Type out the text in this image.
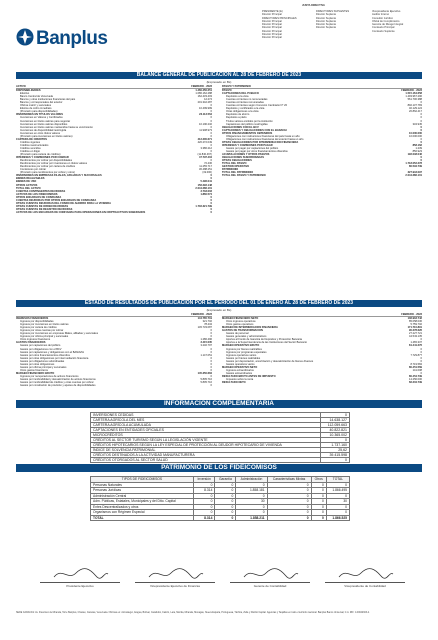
Banplus
JUNTA DIRECTIVA
PRESIDENTE (E)
Director Principal
DIRECTORES PRINCIPALES
Director Principal
Director Principal
Director Principal
Director Principal
Director Principal
Director Principal
DIRECTORES SUPLENTES
Director Suplente
Director Suplente
Director Suplente
Director Suplente
Director Suplente
Vicepresidente Ejecutivo
Auditor Interno
Consultor Jurídico
Oficial de Cumplimiento
Gerente de Riesgo Integral
Comisario Principal
Comisario Suplente
BALANCE GENERAL DE PUBLICACIÓN AL 28 DE FEBRERO DE 2023
(Expresado en Bs)
ACTIVO	FEBRERO - 2023
DISPONIBILIDADES	1.460.450.251
Efectivo	1.086.162.288
Banco Central de Venezuela	162.433.403
Bancos y otras instituciones financieras del país	12.274
Bancos y corresponsales del exterior	201.342.287
Oficina matriz y sucursales	0
Efectos de cobro inmediato	10.499.999
(Provisión para disponibilidades)	0
INVERSIONES EN TÍTULOS VALORES	23.113.564
Inversiones en Valores y Certificados	0
Inversiones en títulos valores para negociar	0
Inversiones en títulos valores disponibles	10.190.232
Inversiones en títulos valores mantenidos hasta su vencimiento	0
Inversiones de disponibilidad restringida	11.908.973
Inversiones en otros títulos valores	0
(Provisión para inversiones en títulos valores)	0
CARTERA DE CRÉDITOS	412.200.671
Créditos vigentes	420.272.049
Créditos reestructurados	0
Créditos vencidos	3.386.212
Créditos en litigio	0
(Provisión para cartera de créditos)	(11.840.467)
INTERESES Y COMISIONES POR COBRAR	47.797.404
Rendimientos por cobrar por disponibilidades	0
Rendimientos por cobrar por inversiones en títulos valores	72.436
Rendimientos por cobrar por cartera de créditos	11.255.717
Comisiones por cobrar	36.488.251
(Provisión para rendimientos por cobrar y otros)	(19.000)
INVERSIONES EN EMPRESAS FILIALES, AFILIADAS Y SUCURSALES	0
BIENES REALIZABLES	0
BIENES DE USO	5.496.041
OTROS ACTIVOS	156.292.148
TOTAL DEL ACTIVO	2.044.286.101
CUENTAS CONTINGENTES DEUDORAS	3.733.003
ACTIVOS DE LOS FIDEICOMISOS	1.860.574
OTROS ENCARGOS DE CONFIANZA	0
CUENTAS DEUDORAS POR OTROS ENCARGOS DE CONFIANZA	0
OTRAS CUENTAS DEUDORAS DEL FONDO DE AHORRO PARA LA VIVIENDA	0
OTRAS CUENTAS DE ORDEN DEUDORAS	1.702.321.799
OTRAS CUENTAS DE REGISTRO DEUDORAS	0
ACTIVOS DE LOS ENCARGOS DE CONFIANZA PARA OPERACIONES EN CRIPTOACTIVOS SOBERANOS	0
PASIVO Y PATRIMONIO
PASIVO	FEBRERO - 2023
CAPTACIONES DEL PÚBLICO	1.515.164.658
Depósitos a la vista	1.493.967.296
Cuentas corrientes no remuneradas	561.700.388
Cuentas corrientes remuneradas	0
Cuentas corrientes según Convenio Cambiario N° 20	892.137.783
Depósitos y certificados a la vista	40.129.124
Otras obligaciones a la vista	20.862.417
Depósitos de ahorro	0
Depósitos a plazo	0
Títulos valores emitidos por la institución	0
Captaciones del público restringidas	334.945
OBLIGACIONES CON EL BCV	0
CAPTACIONES Y OBLIGACIONES CON EL BANAVIH	0
OTROS FINANCIAMIENTOS OBTENIDOS	10.000.000
Obligaciones con instituciones financieras del país hasta un año	10.000.000
Obligaciones con instituciones financieras del exterior hasta un año	0
OTRAS OBLIGACIONES POR INTERMEDIACIÓN FINANCIERA	0
INTERESES Y COMISIONES POR PAGAR	858.162
Gastos por pagar por captaciones del público	1.239
Gastos por pagar por otros financiamientos obtenidos	856.923
ACUMULACIONES Y OTROS PASIVOS	192.048.046
OBLIGACIONES SUBORDINADAS	0
OTRAS OBLIGACIONES	0
TOTAL DEL PASIVO	1.718.052.278
GESTIÓN OPERATIVA	80.594.739
PATRIMONIO
TOTAL DEL PATRIMONIO	327.943.097
TOTAL DEL PASIVO Y PATRIMONIO	2.044.286.101
ESTADO DE RESULTADOS DE PUBLICACIÓN POR EL PERÍODO DEL 01 DE ENERO AL 28 DE FEBRERO DE 2023
(Expresado en Bs)
FEBRERO - 2023
INGRESOS FINANCIEROS	144.765.719
Ingresos por disponibilidades	321.702
Ingresos por inversiones en títulos valores	78.434
Ingresos por cartera de créditos	145.733.087
Ingresos por otras cuentas por cobrar	0
Ingresos por inversiones en empresas filiales, afiliadas y sucursales	0
Ingresos por oficina principal y sucursales	0
Otros ingresos financieros	1.286.496
GASTOS FINANCIEROS	3.415.035
Gastos por captaciones del público	3.246.797
Gastos por obligaciones con el BCV	0
Gastos por captaciones y obligaciones con el BANAVIH	0
Gastos por otros financiamientos obtenidos	1.147.051
Gastos por otras obligaciones por intermediación financiera	0
Gastos por obligaciones subordinadas	0
Gastos por otras obligaciones	0
Gastos por oficina principal y sucursales	0
Otros gastos financieros	0
MARGEN FINANCIERO BRUTO	145.350.684
Ingresos por recuperaciones de activos financieros	0
Gastos por incobrabilidad y desvalorización de activos financieros	5.805.716
Gastos por incobrabilidad de créditos y otras cuentas por cobrar	5.805.716
Gastos por constitución de provisión y ajustes de disponibilidades	0
FEBRERO - 2023
MARGEN FINANCIERO NETO	136.933.742
Otros ingresos operativos	85.058.036
Otros gastos operativos	5.759.702
MARGEN DE INTERMEDIACIÓN FINANCIERA	171.710.891
GASTOS DE TRANSFORMACIÓN	90.278.626
Gastos de personal	27.227.721
Gastos generales y administrativos	44.543.135
Aportes al Fondo de Garantía de Depósitos y Protección Bancaria	0
Aportes a la Superintendencia de las Instituciones del Sector Bancario	1.465.337
MARGEN OPERATIVO BRUTO	81.441.276
Ingresos por bienes realizables	0
Ingresos por programas especiales	0
Ingresos operativos varios	7.729.877
Gastos por bienes realizables	0
Gastos por depreciación, amortización y desvalorización de bienes diversos	0
Gastos operativos varios	8.719.584
MARGEN OPERATIVO NETO	80.451.569
Ingresos extraordinarios	141.008
Gastos extraordinarios	0
RESULTADO BRUTO ANTES DE IMPUESTO	80.454.739
Impuesto sobre la renta	14.250.000
RESULTADO NETO	66.204.739
INFORMACIÓN COMPLEMENTARIA
INVERSIONES CEDIDAS	0
CARTERA AGRÍCOLA DEL MES	14.638.127
CARTERA AGRÍCOLA ACUMULADA	112.059.663
CAPTACIONES EN ENTIDADES OFICIALES	40.822.821
MICROCRÉDITOS	10.365.002
CRÉDITOS AL SECTOR TURISMO SEGÚN LA LEGISLACIÓN VIGENTE	0
CRÉDITOS HIPOTECARIOS SEGÚN LA LEY ESPECIAL DE PROTECCIÓN AL DEUDOR HIPOTECARIO DE VIVIENDA	1.737.160
ÍNDICE DE SOLVENCIA PATRIMONIAL	25,62
CRÉDITOS DESTINADOS A LA ACTIVIDAD MANUFACTURERA	39.415.598
CRÉDITOS OTORGADOS AL SECTOR SALUD	0
PATRIMONIO DE LOS FIDEICOMISOS
TIPOS DE FIDEICOMISOS	Inversión	Garantía	Administración	Características Mixtas	Otros	TOTAL
Personas Naturales	0	0	0	0	0	0
Personas Jurídicas	8.314	0	1.858.181	0	0	1.866.495
Administración Central	0	0	0	0	0	0
Adm. Públicas, Estatales, Municipales y del Dtto. Capital	0	0	30	0	0	30
Entes Descentralizados y otros	0	0	0	0	0	0
Organismos con Régimen Especial	0	0	0	0	0	0
TOTAL	8.314	0	1.858.211	0	0	1.866.525
Presidente Ejecutivo	Vicepresidente Ejecutivo de Finanzas	Gerente de Contabilidad	Vicepresidente de Contabilidad
SEDE CARACAS: Av. Francisco de Miranda, Torre Banplus, Chacao, Caracas, Venezuela. Oficinas en: Anzoátegui, Aragua, Bolívar, Carabobo, Falcón, Lara, Mérida, Miranda, Monagas, Nueva Esparta, Portuguesa, Táchira, Zulia y Distrito Capital. Agencias y Taquillas en todo el territorio nacional. Banplus Banco Universal, C.A. RIF: J-00042303-2.
